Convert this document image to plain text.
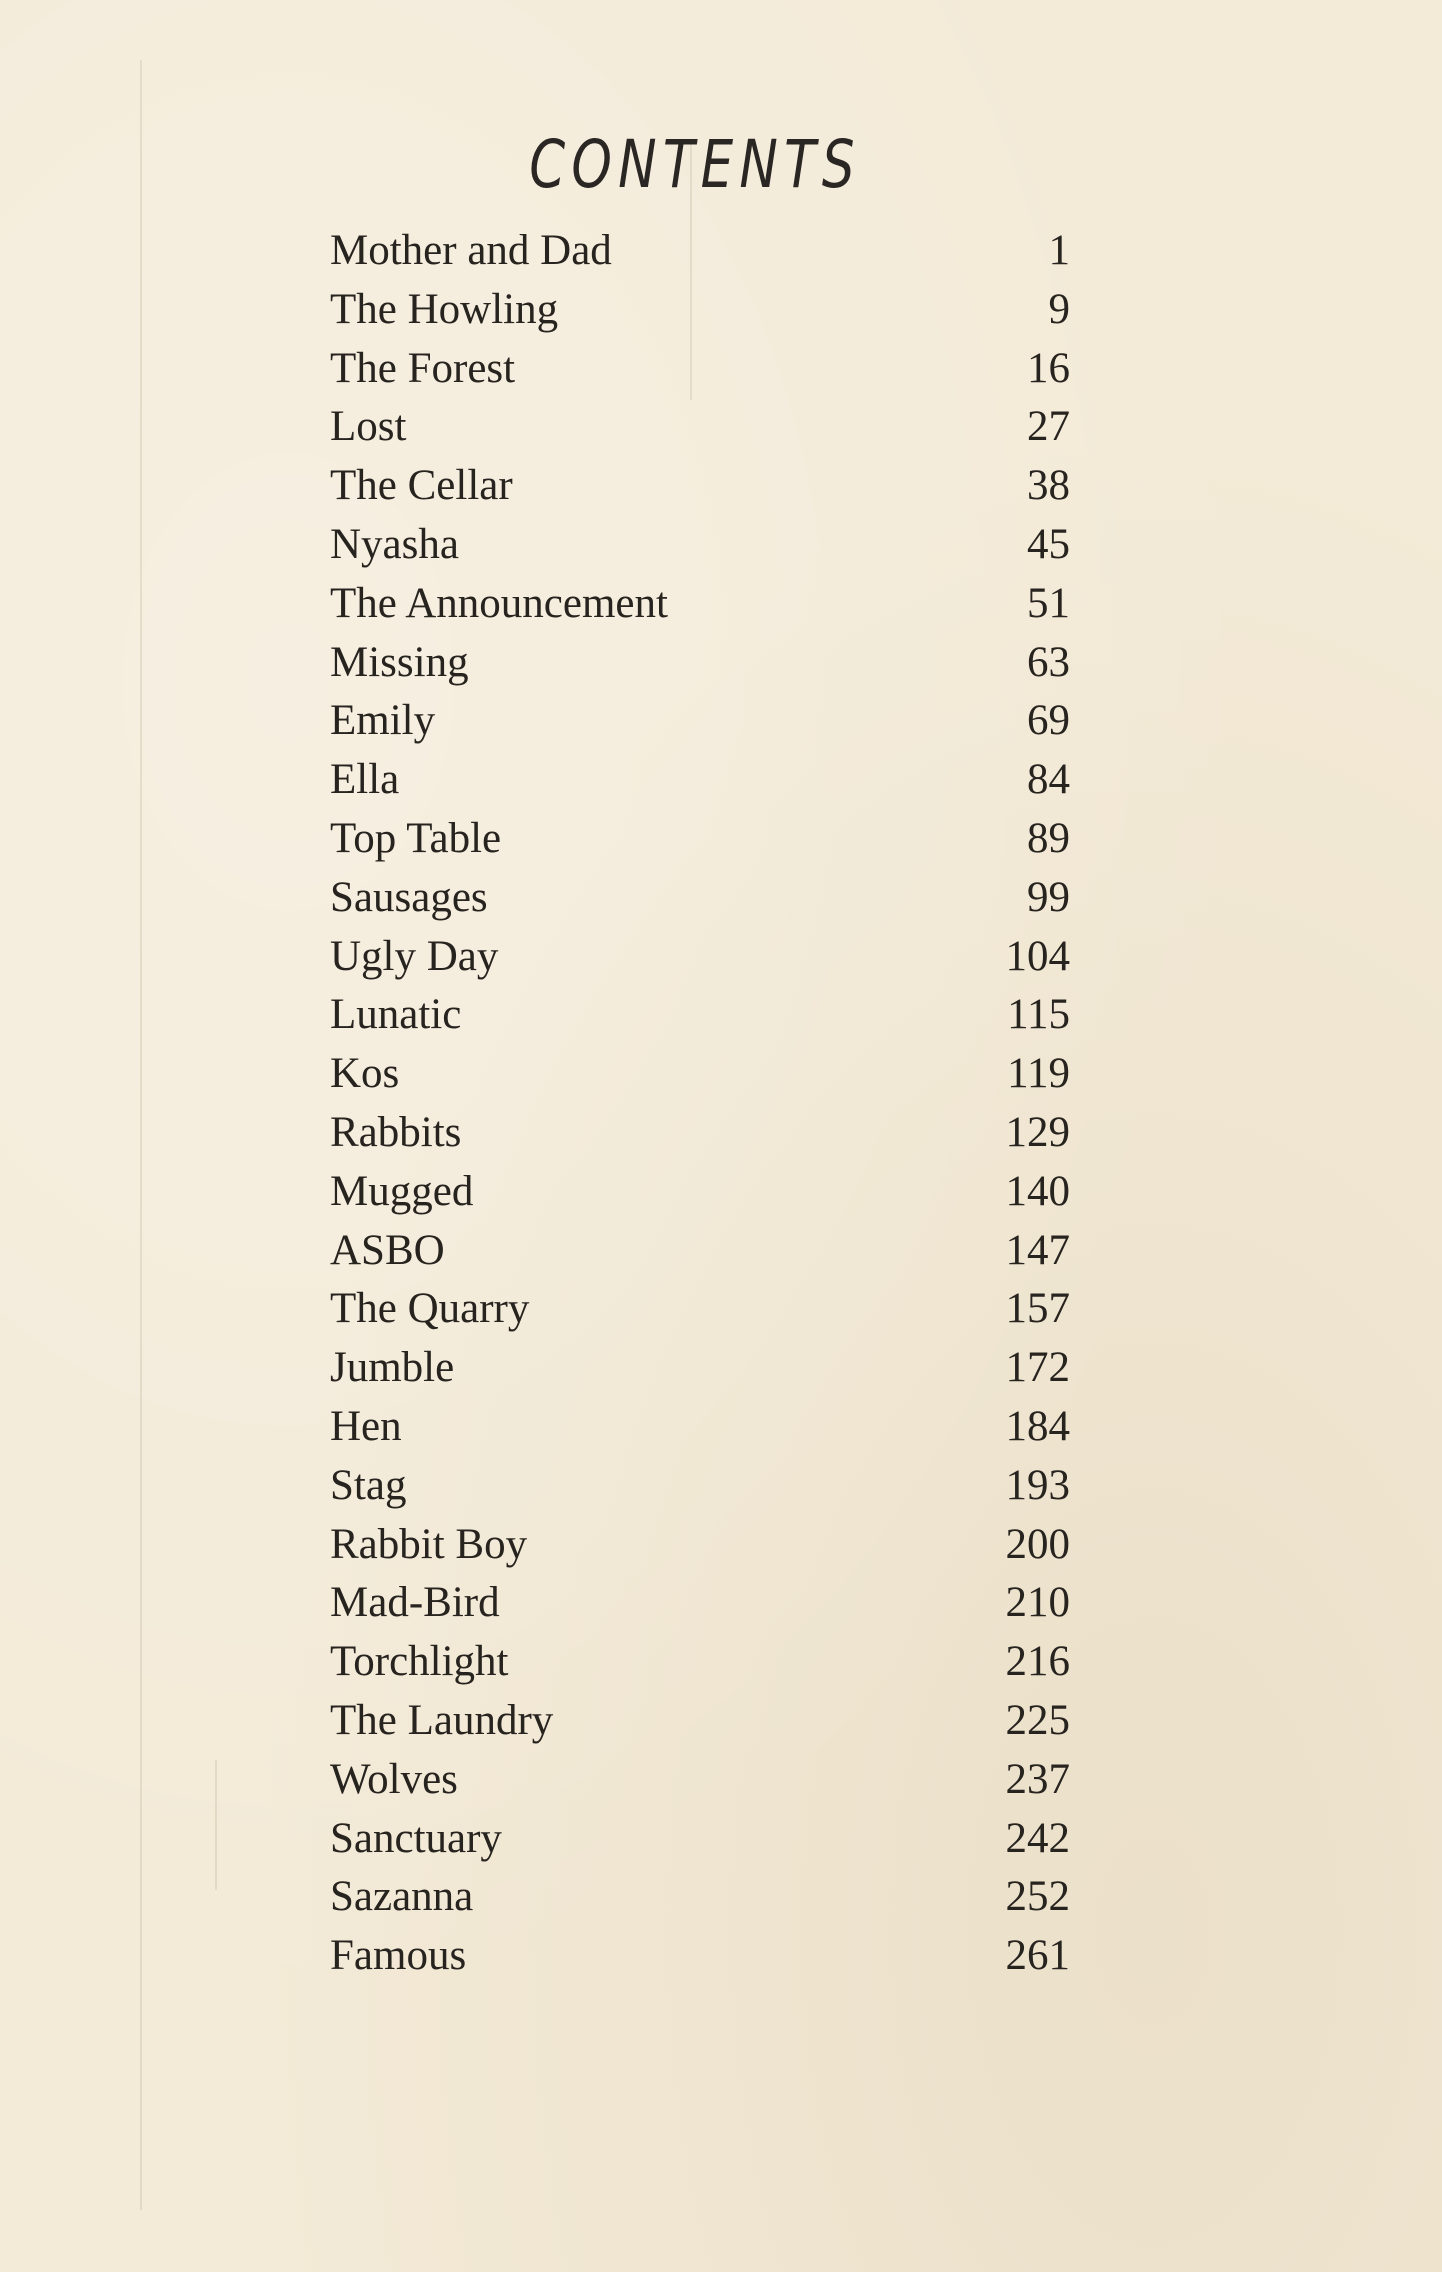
CONTENTS
Mother and Dad	1
The Howling	9
The Forest	16
Lost	27
The Cellar	38
Nyasha	45
The Announcement	51
Missing	63
Emily	69
Ella	84
Top Table	89
Sausages	99
Ugly Day	104
Lunatic	115
Kos	119
Rabbits	129
Mugged	140
ASBO	147
The Quarry	157
Jumble	172
Hen	184
Stag	193
Rabbit Boy	200
Mad-Bird	210
Torchlight	216
The Laundry	225
Wolves	237
Sanctuary	242
Sazanna	252
Famous	261
